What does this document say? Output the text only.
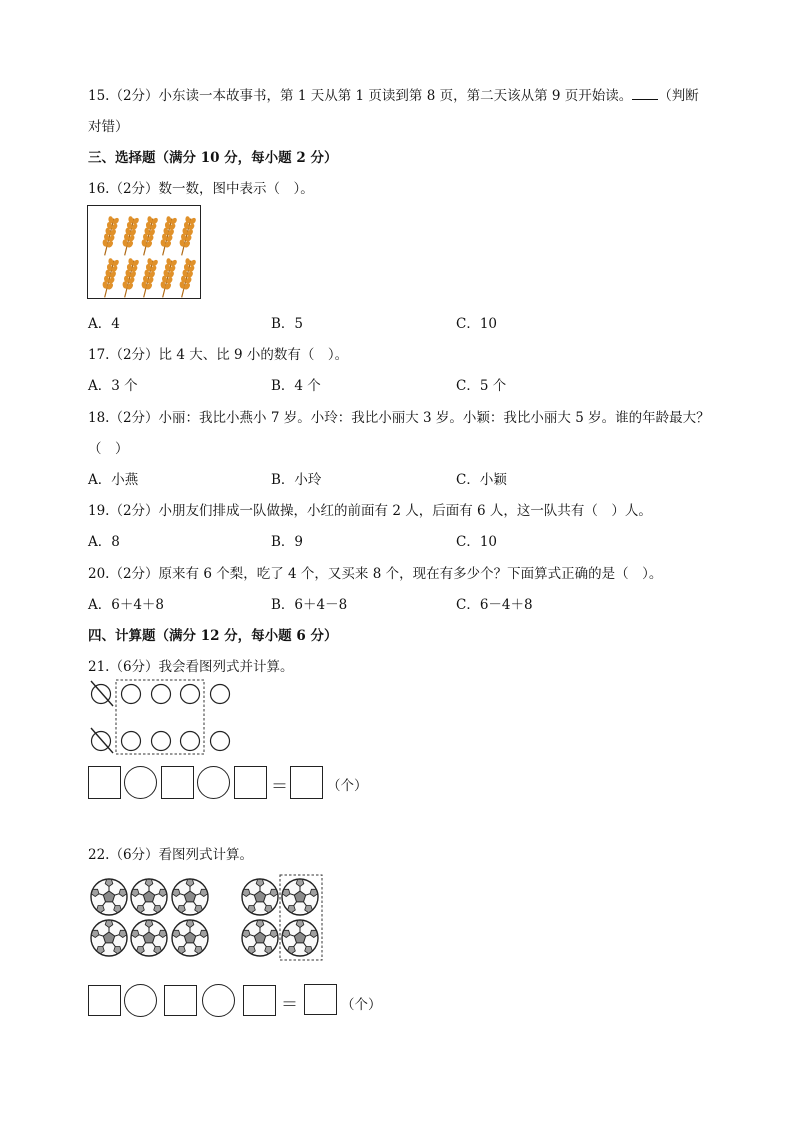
15.（2分）小东读一本故事书，第 1 天从第 1 页读到第 8 页，第二天该从第 9 页开始读。 （判断
对错）
三、选择题（满分 10 分，每小题 2 分）
16.（2分）数一数，图中表示（　）。
A．4	B．5	C．10
17.（2分）比 4 大、比 9 小的数有（　）。
A．3 个	B．4 个	C．5 个
18.（2分）小丽：我比小燕小 7 岁。小玲：我比小丽大 3 岁。小颖：我比小丽大 5 岁。谁的年龄最大？
（　）
A．小燕	B．小玲	C．小颖
19.（2分）小朋友们排成一队做操，小红的前面有 2 人，后面有 6 人，这一队共有（　）人。
A．8	B．9	C．10
20.（2分）原来有 6 个梨，吃了 4 个，又买来 8 个，现在有多少个？下面算式正确的是（　）。
A．6＋4＋8	B．6＋4－8	C．6－4＋8
四、计算题（满分 12 分，每小题 6 分）
21.（6分）我会看图列式并计算。
＝	（个）
22.（6分）看图列式计算。
＝	（个）
